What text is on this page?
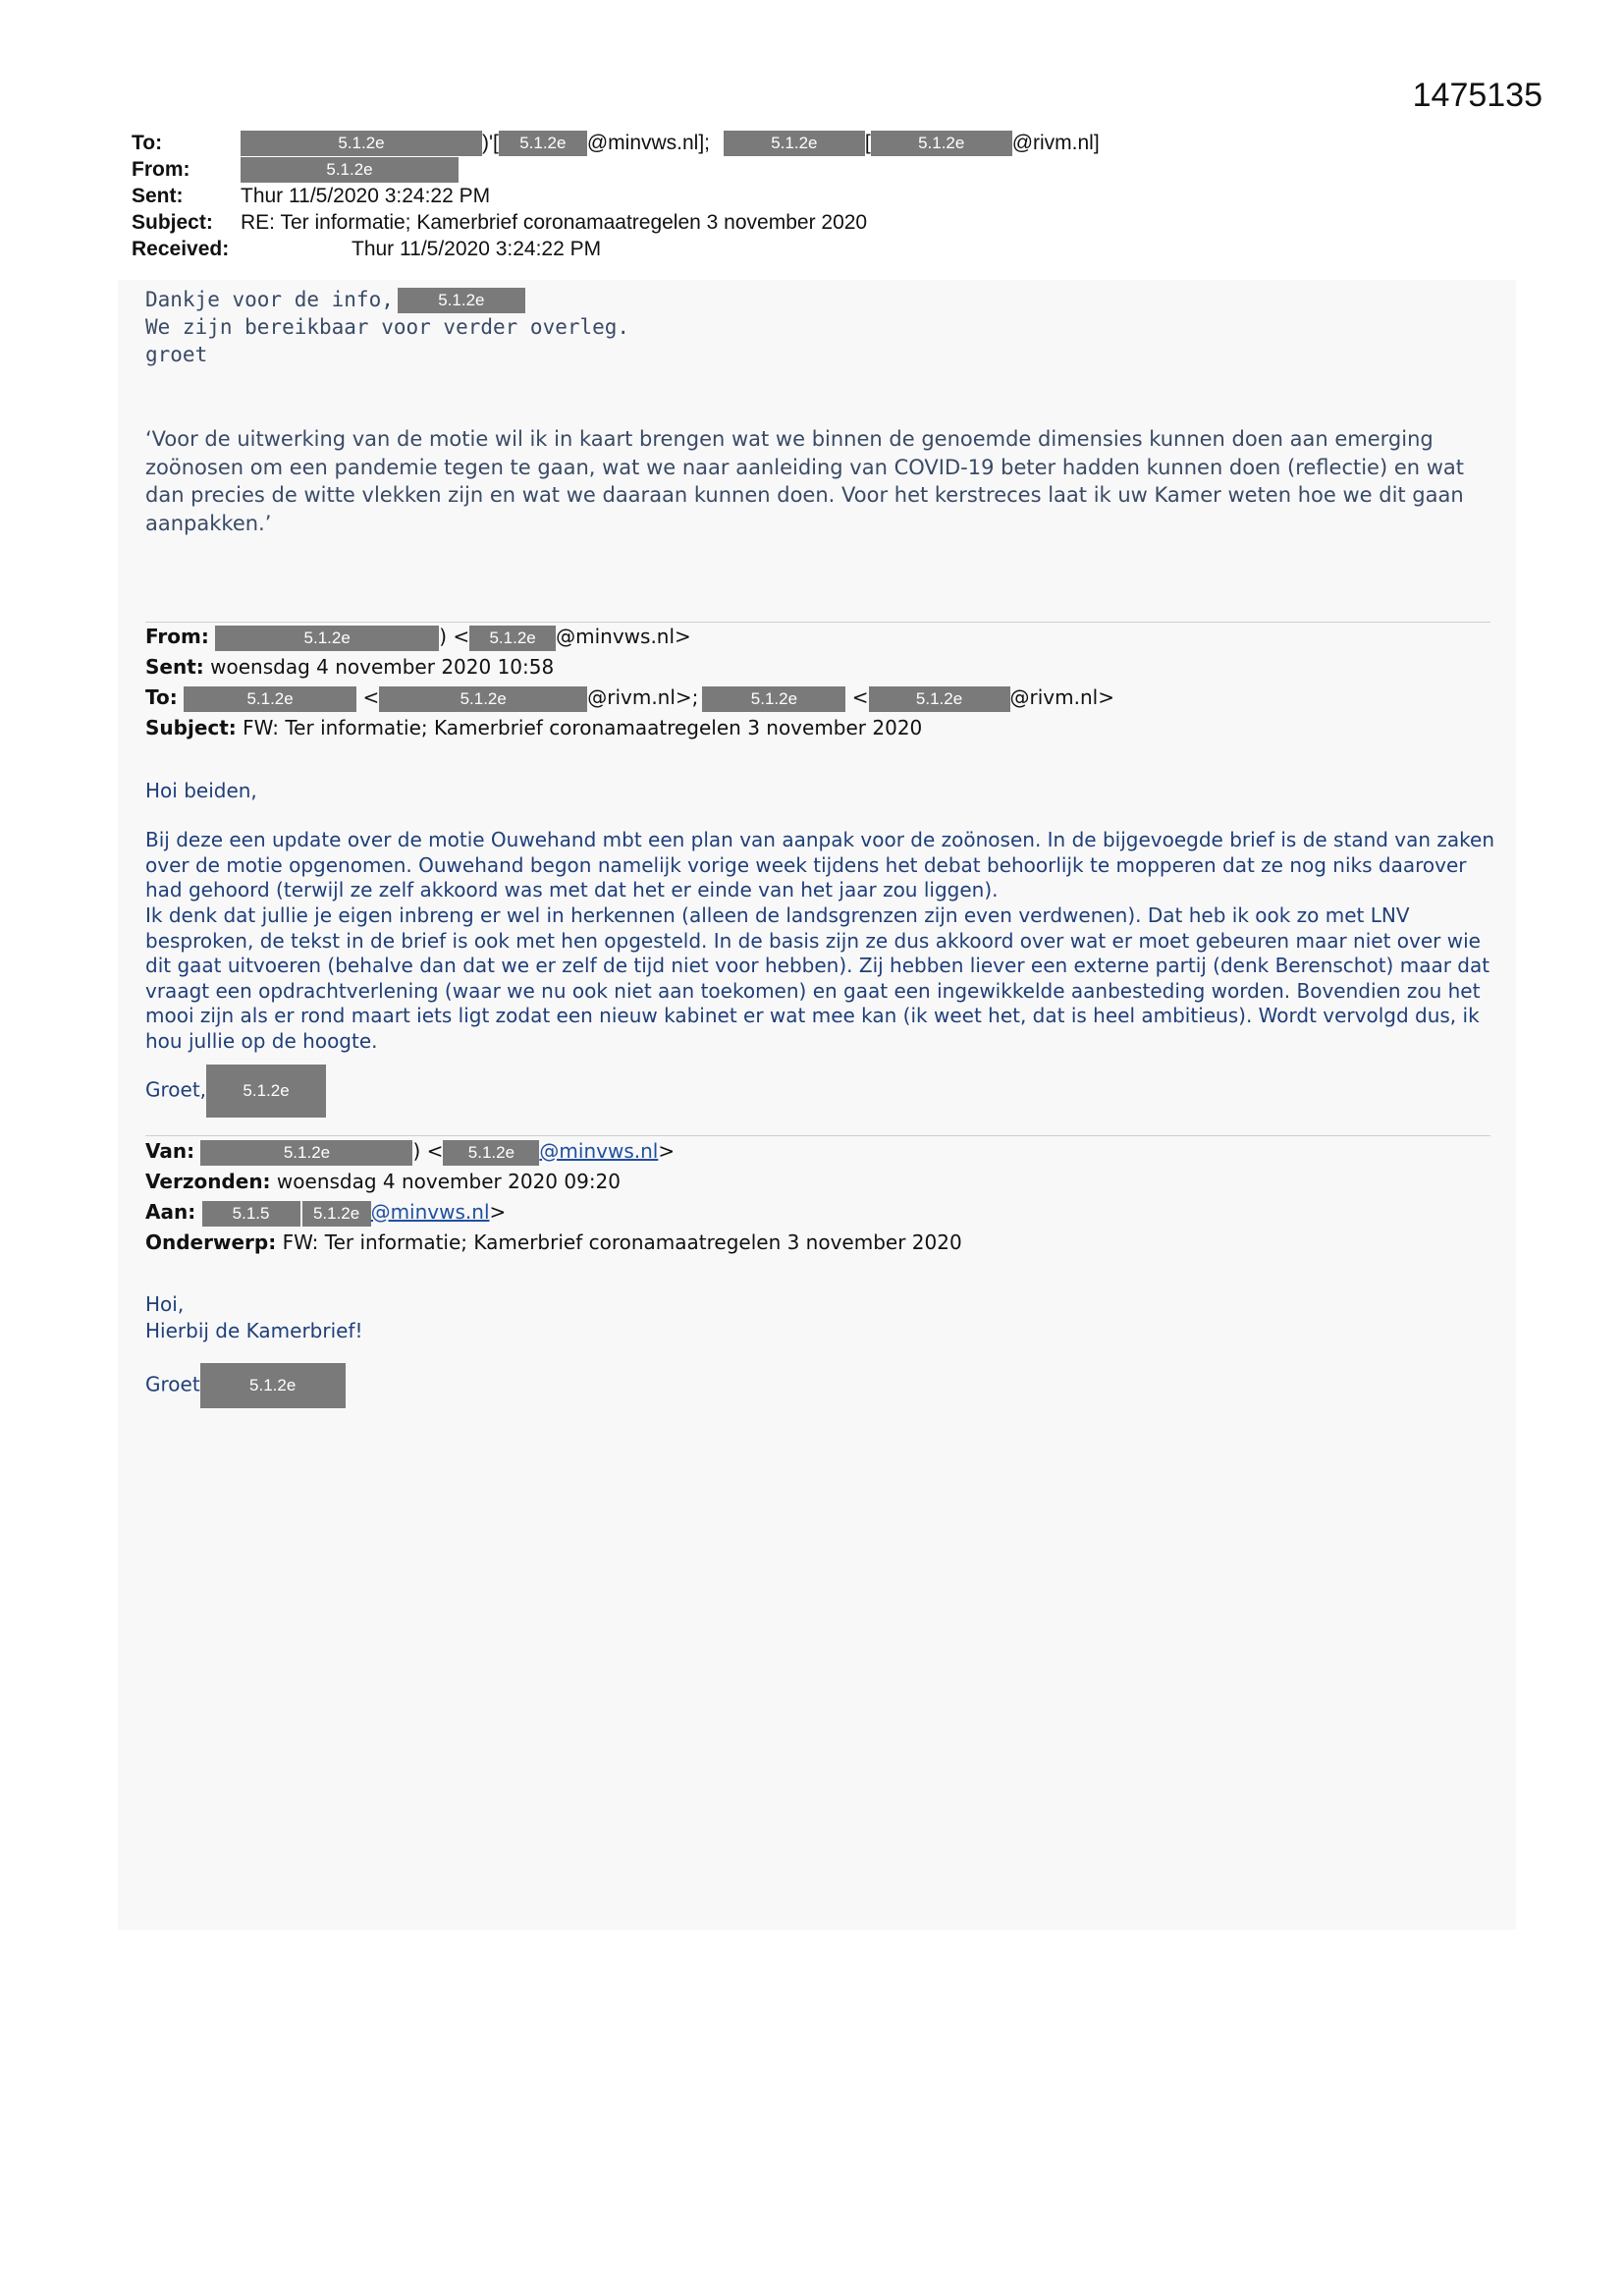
1475135
To:	5.1.2e	)'[ 5.1.2e @minvws.nl];	5.1.2e [	5.1.2e @rivm.nl]
From:	5.1.2e
Sent:	Thur 11/5/2020 3:24:22 PM
Subject: RE: Ter informatie; Kamerbrief coronamaatregelen 3 november 2020
Received:	Thur 11/5/2020 3:24:22 PM
Dankje voor de info,	5.1.2e
We zijn bereikbaar voor verder overleg.
groet
‘Voor de uitwerking van de motie wil ik in kaart brengen wat we binnen de genoemde dimensies kunnen doen aan emerging zoönosen om een pandemie tegen te gaan, wat we naar aanleiding van COVID-19 beter hadden kunnen doen (reflectie) en wat dan precies de witte vlekken zijn en wat we daaraan kunnen doen. Voor het kerstreces laat ik uw Kamer weten hoe we dit gaan aanpakken.’
From:	5.1.2e	) < 5.1.2e @minvws.nl>
Sent: woensdag 4 november 2020 10:58
To:	5.1.2e	<	5.1.2e	@rivm.nl>;	5.1.2e	<	5.1.2e @rivm.nl>
Subject: FW: Ter informatie; Kamerbrief coronamaatregelen 3 november 2020
Hoi beiden,
Bij deze een update over de motie Ouwehand mbt een plan van aanpak voor de zoönosen. In de bijgevoegde brief is de stand van zaken over de motie opgenomen. Ouwehand begon namelijk vorige week tijdens het debat behoorlijk te mopperen dat ze nog niks daarover had gehoord (terwijl ze zelf akkoord was met dat het er einde van het jaar zou liggen).
Ik denk dat jullie je eigen inbreng er wel in herkennen (alleen de landsgrenzen zijn even verdwenen). Dat heb ik ook zo met LNV besproken, de tekst in de brief is ook met hen opgesteld. In de basis zijn ze dus akkoord over wat er moet gebeuren maar niet over wie dit gaat uitvoeren (behalve dan dat we er zelf de tijd niet voor hebben). Zij hebben liever een externe partij (denk Berenschot) maar dat vraagt een opdrachtverlening (waar we nu ook niet aan toekomen) en gaat een ingewikkelde aanbesteding worden. Bovendien zou het mooi zijn als er rond maart iets ligt zodat een nieuw kabinet er wat mee kan (ik weet het, dat is heel ambitieus). Wordt vervolgd dus, ik hou jullie op de hoogte.
Groet, 5.1.2e
Van:	5.1.2e	) < 5.1.2e @minvws.nl>
Verzonden: woensdag 4 november 2020 09:20
Aan: 5.1.5	5.1.2e @minvws.nl>
Onderwerp: FW: Ter informatie; Kamerbrief coronamaatregelen 3 november 2020
Hoi,
Hierbij de Kamerbrief!
Groet	5.1.2e
